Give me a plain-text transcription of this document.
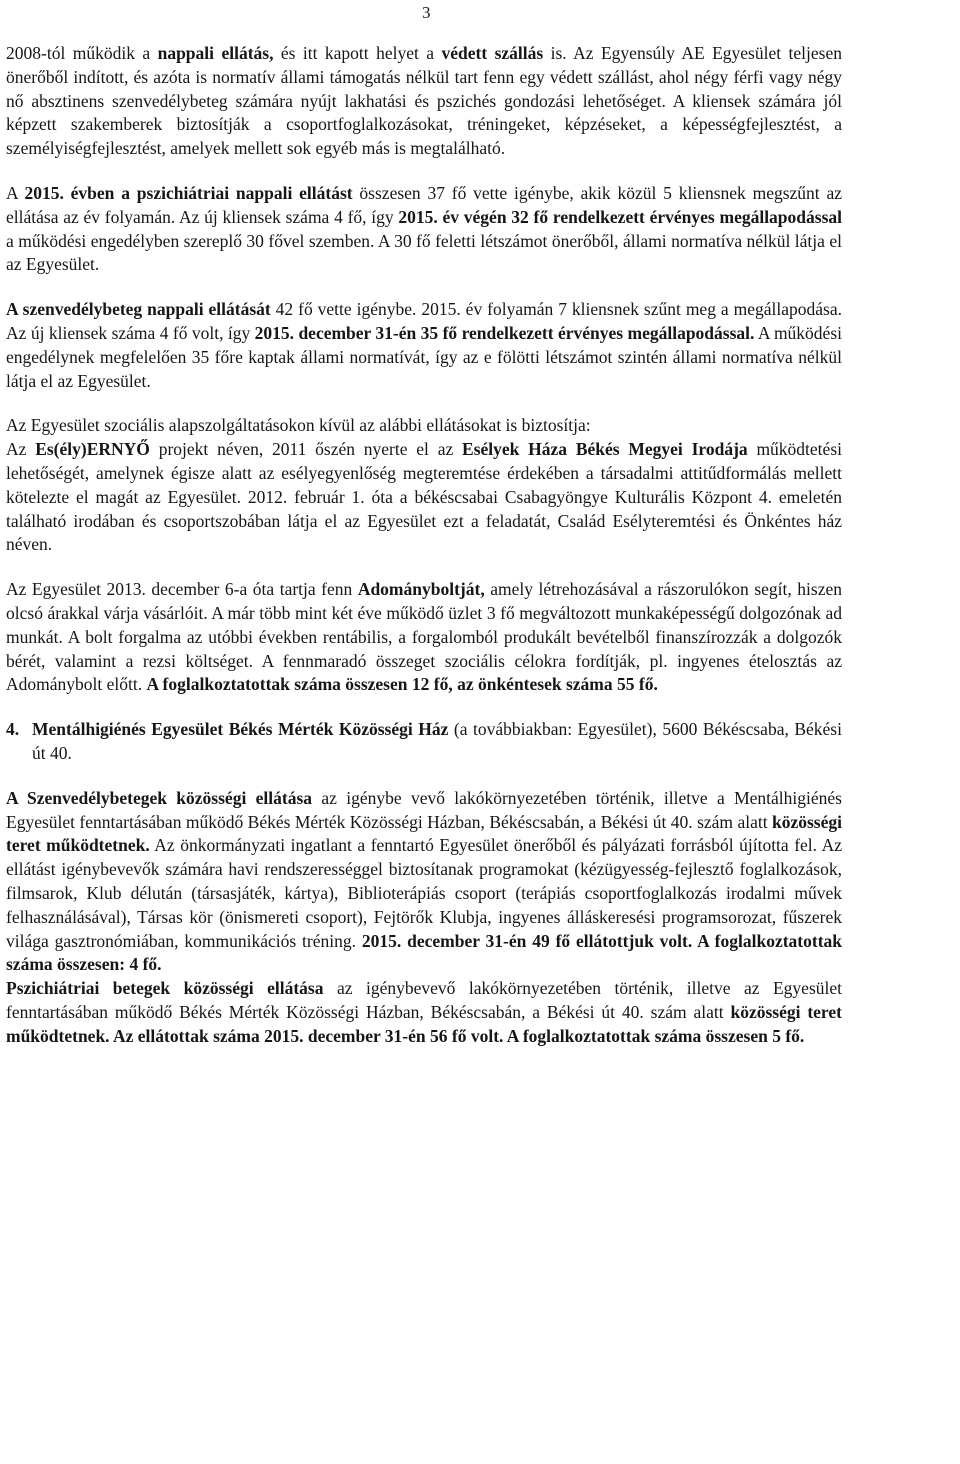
3

2008-tól működik a nappali ellátás, és itt kapott helyet a védett szállás is. Az Egyensúly AE Egyesület teljesen önerőből indított, és azóta is normatív állami támogatás nélkül tart fenn egy védett szállást, ahol négy férfi vagy négy nő absztinens szenvedélybeteg számára nyújt lakhatási és pszichés gondozási lehetőséget. A kliensek számára jól képzett szakemberek biztosítják a csoportfoglalkozásokat, tréningeket, képzéseket, a képességfejlesztést, a személyiségfejlesztést, amelyek mellett sok egyéb más is megtalálható.

A 2015. évben a pszichiátriai nappali ellátást összesen 37 fő vette igénybe, akik közül 5 kliensnek megszűnt az ellátása az év folyamán. Az új kliensek száma 4 fő, így 2015. év végén 32 fő rendelkezett érvényes megállapodással a működési engedélyben szereplő 30 fővel szemben. A 30 fő feletti létszámot önerőből, állami normatíva nélkül látja el az Egyesület.

A szenvedélybeteg nappali ellátását 42 fő vette igénybe. 2015. év folyamán 7 kliensnek szűnt meg a megállapodása. Az új kliensek száma 4 fő volt, így 2015. december 31-én 35 fő rendelkezett érvényes megállapodással. A működési engedélynek megfelelően 35 főre kaptak állami normatívát, így az e fölötti létszámot szintén állami normatíva nélkül látja el az Egyesület.

Az Egyesület szociális alapszolgáltatásokon kívül az alábbi ellátásokat is biztosítja:

Az Es(ély)ERNYŐ projekt néven, 2011 őszén nyerte el az Esélyek Háza Békés Megyei Irodája működtetési lehetőségét, amelynek égisze alatt az esélyegyenlőség megteremtése érdekében a társadalmi attitűdformálás mellett kötelezte el magát az Egyesület. 2012. február 1. óta a békéscsabai Csabagyöngye Kulturális Központ 4. emeletén található irodában és csoportszobában látja el az Egyesület ezt a feladatát, Család Esélyteremtési és Önkéntes ház néven.

Az Egyesület 2013. december 6-a óta tartja fenn Adományboltját, amely létrehozásával a rászorulókon segít, hiszen olcsó árakkal várja vásárlóit. A már több mint két éve működő üzlet 3 fő megváltozott munkaképességű dolgozónak ad munkát. A bolt forgalma az utóbbi években rentábilis, a forgalomból produkált bevételből finanszírozzák a dolgozók bérét, valamint a rezsi költséget. A fennmaradó összeget szociális célokra fordítják, pl. ingyenes ételosztás az Adománybolt előtt. A foglalkoztatottak száma összesen 12 fő, az önkéntesek száma 55 fő.

4. Mentálhigiénés Egyesület Békés Mérték Közösségi Ház (a továbbiakban: Egyesület), 5600 Békéscsaba, Békési út 40.

A Szenvedélybetegek közösségi ellátása az igénybe vevő lakókörnyezetében történik, illetve a Mentálhigiénés Egyesület fenntartásában működő Békés Mérték Közösségi Házban, Békéscsabán, a Békési út 40. szám alatt közösségi teret működtetnek. Az önkormányzati ingatlant a fenntartó Egyesület önerőből és pályázati forrásból újította fel. Az ellátást igénybevevők számára havi rendszerességgel biztosítanak programokat (kézügyesség-fejlesztő foglalkozások, filmsarok, Klub délután (társasjáték, kártya), Biblioterápiás csoport (terápiás csoportfoglalkozás irodalmi művek felhasználásával), Társas kör (önismereti csoport), Fejtörők Klubja, ingyenes álláskeresési programsorozat, fűszerek világa gasztronómiában, kommunikációs tréning. 2015. december 31-én 49 fő ellátottjuk volt. A foglalkoztatottak száma összesen: 4 fő.

Pszichiátriai betegek közösségi ellátása az igénybevevő lakókörnyezetében történik, illetve az Egyesület fenntartásában működő Békés Mérték Közösségi Házban, Békéscsabán, a Békési út 40. szám alatt közösségi teret működtetnek. Az ellátottak száma 2015. december 31-én 56 fő volt. A foglalkoztatottak száma összesen 5 fő.
